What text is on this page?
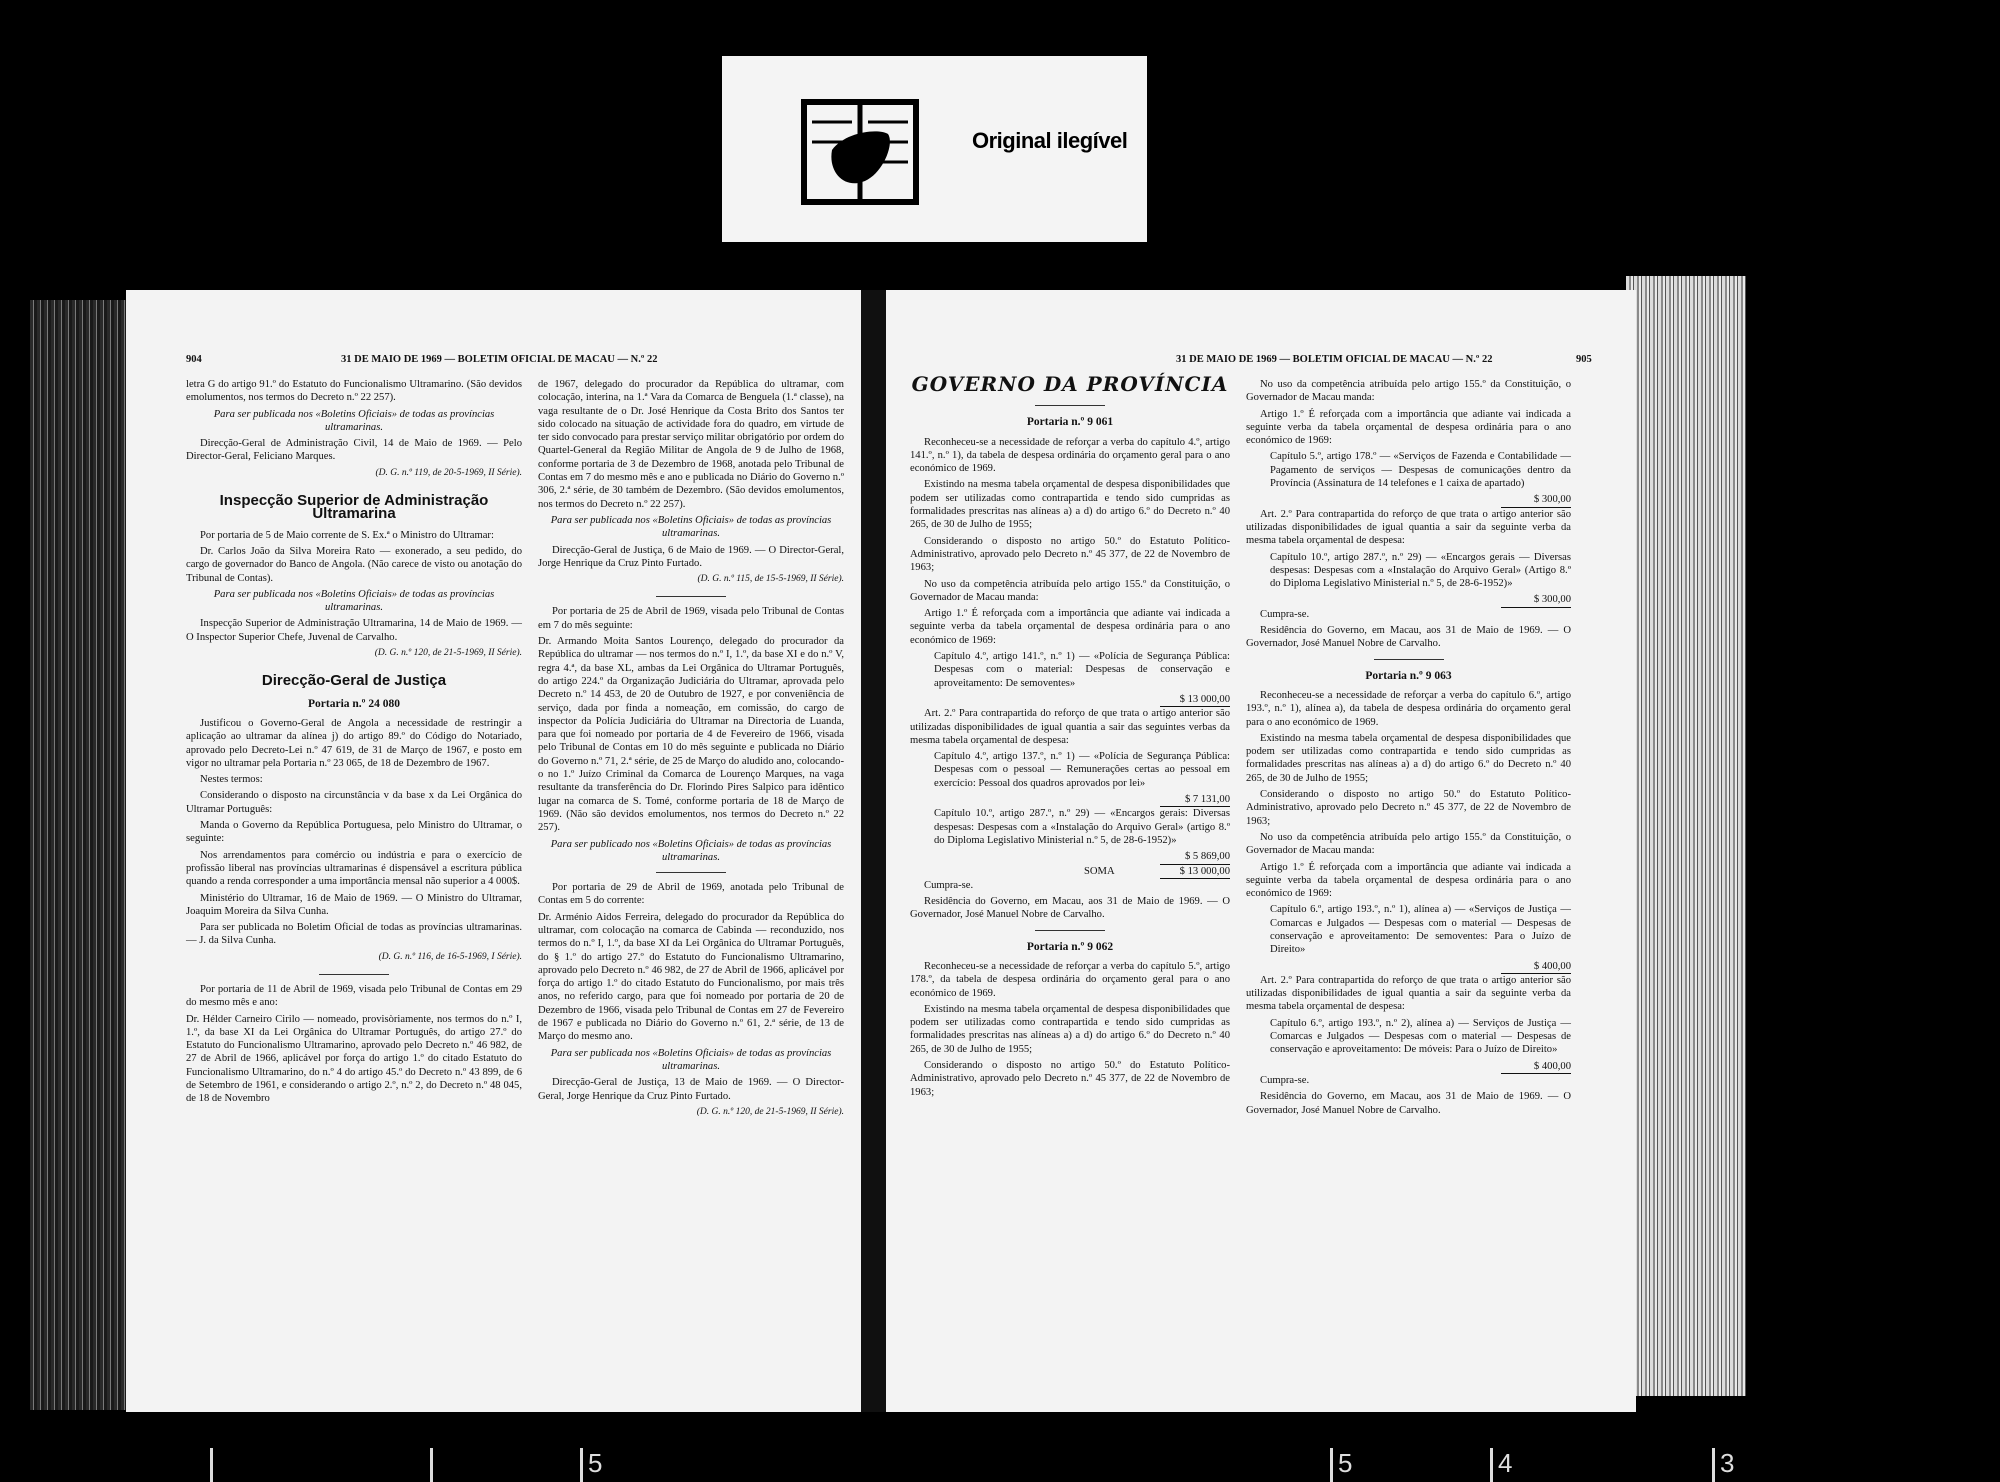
Original ilegível
904	31 DE MAIO DE 1969 — BOLETIM OFICIAL DE MACAU — N.º 22

letra G do artigo 91.º do Estatuto do Funcionalismo Ultramarino. (São devidos emolumentos, nos termos do Decreto n.º 22 257).

Para ser publicada nos «Boletins Oficiais» de todas as províncias ultramarinas.

Direcção-Geral de Administração Civil, 14 de Maio de 1969. — Pelo Director-Geral, Feliciano Marques.

(D. G. n.º 119, de 20-5-1969, II Série).

Inspecção Superior de Administração Ultramarina

Por portaria de 5 de Maio corrente de S. Ex.ª o Ministro do Ultramar:

Dr. Carlos João da Silva Moreira Rato — exonerado, a seu pedido, do cargo de governador do Banco de Angola. (Não carece de visto ou anotação do Tribunal de Contas).

Para ser publicada nos «Boletins Oficiais» de todas as províncias ultramarinas.

Inspecção Superior de Administração Ultramarina, 14 de Maio de 1969. — O Inspector Superior Chefe, Juvenal de Carvalho.

(D. G. n.º 120, de 21-5-1969, II Série).

Direcção-Geral de Justiça
Portaria n.º 24 080

Justificou o Governo-Geral de Angola a necessidade de restringir a aplicação ao ultramar da alínea j) do artigo 89.º do Código do Notariado, aprovado pelo Decreto-Lei n.º 47 619, de 31 de Março de 1967, e posto em vigor no ultramar pela Portaria n.º 23 065, de 18 de Dezembro de 1967.

Nestes termos:

Considerando o disposto na circunstância v da base x da Lei Orgânica do Ultramar Português:

Manda o Governo da República Portuguesa, pelo Ministro do Ultramar, o seguinte:

Nos arrendamentos para comércio ou indústria e para o exercício de profissão liberal nas províncias ultramarinas é dispensável a escritura pública quando a renda corresponder a uma importância mensal não superior a 4 000$.

Ministério do Ultramar, 16 de Maio de 1969. — O Ministro do Ultramar, Joaquim Moreira da Silva Cunha.

Para ser publicada no Boletim Oficial de todas as províncias ultramarinas. — J. da Silva Cunha.

(D. G. n.º 116, de 16-5-1969, I Série).

Por portaria de 11 de Abril de 1969, visada pelo Tribunal de Contas em 29 do mesmo mês e ano:

Dr. Hélder Carneiro Cirilo — nomeado, provisòriamente, nos termos do n.º I, 1.º, da base XI da Lei Orgânica do Ultramar Português, do artigo 27.º do Estatuto do Funcionalismo Ultramarino, aprovado pelo Decreto n.º 46 982, de 27 de Abril de 1966, aplicável por força do artigo 1.º do citado Estatuto do Funcionalismo Ultramarino, do n.º 4 do artigo 45.º do Decreto n.º 43 899, de 6 de Setembro de 1961, e considerando o artigo 2.º, n.º 2, do Decreto n.º 48 045, de 18 de Novembro

de 1967, delegado do procurador da República do ultramar, com colocação, interina, na 1.ª Vara da Comarca de Benguela (1.ª classe), na vaga resultante de o Dr. José Henrique da Costa Brito dos Santos ter sido colocado na situação de actividade fora do quadro, em virtude de ter sido convocado para prestar serviço militar obrigatório por ordem do Quartel-General da Região Militar de Angola de 9 de Julho de 1968, conforme portaria de 3 de Dezembro de 1968, anotada pelo Tribunal de Contas em 7 do mesmo mês e ano e publicada no Diário do Governo n.º 306, 2.ª série, de 30 também de Dezembro. (São devidos emolumentos, nos termos do Decreto n.º 22 257).

Para ser publicada nos «Boletins Oficiais» de todas as províncias ultramarinas.

Direcção-Geral de Justiça, 6 de Maio de 1969. — O Director-Geral, Jorge Henrique da Cruz Pinto Furtado.

(D. G. n.º 115, de 15-5-1969, II Série).

Por portaria de 25 de Abril de 1969, visada pelo Tribunal de Contas em 7 do mês seguinte:

Dr. Armando Moita Santos Lourenço, delegado do procurador da República do ultramar — nos termos do n.º I, 1.º, da base XI e do n.º V, regra 4.ª, da base XL, ambas da Lei Orgânica do Ultramar Português, do artigo 224.º da Organização Judiciária do Ultramar, aprovada pelo Decreto n.º 14 453, de 20 de Outubro de 1927, e por conveniência de serviço, dada por finda a nomeação, em comissão, do cargo de inspector da Polícia Judiciária do Ultramar na Directoria de Luanda, para que foi nomeado por portaria de 4 de Fevereiro de 1966, visada pelo Tribunal de Contas em 10 do mês seguinte e publicada no Diário do Governo n.º 71, 2.ª série, de 25 de Março do aludido ano, colocando-o no 1.º Juízo Criminal da Comarca de Lourenço Marques, na vaga resultante da transferência do Dr. Florindo Pires Salpico para idêntico lugar na comarca de S. Tomé, conforme portaria de 18 de Março de 1969. (Não são devidos emolumentos, nos termos do Decreto n.º 22 257).

Para ser publicado nos «Boletins Oficiais» de todas as províncias ultramarinas.

Por portaria de 29 de Abril de 1969, anotada pelo Tribunal de Contas em 5 do corrente:

Dr. Arménio Aidos Ferreira, delegado do procurador da República do ultramar, com colocação na comarca de Cabinda — reconduzido, nos termos do n.º I, 1.º, da base XI da Lei Orgânica do Ultramar Português, do § 1.º do artigo 27.º do Estatuto do Funcionalismo Ultramarino, aprovado pelo Decreto n.º 46 982, de 27 de Abril de 1966, aplicável por força do artigo 1.º do citado Estatuto do Funcionalismo, por mais três anos, no referido cargo, para que foi nomeado por portaria de 20 de Dezembro de 1966, visada pelo Tribunal de Contas em 27 de Fevereiro de 1967 e publicada no Diário do Governo n.º 61, 2.ª série, de 13 de Março do mesmo ano.

Para ser publicada nos «Boletins Oficiais» de todas as províncias ultramarinas.

Direcção-Geral de Justiça, 13 de Maio de 1969. — O Director-Geral, Jorge Henrique da Cruz Pinto Furtado.

(D. G. n.º 120, de 21-5-1969, II Série).

31 DE MAIO DE 1969 — BOLETIM OFICIAL DE MACAU — N.º 22	905
GOVERNO DA PROVÍNCIA
Portaria n.º 9 061

Reconheceu-se a necessidade de reforçar a verba do capítulo 4.º, artigo 141.º, n.º 1), da tabela de despesa ordinária do orçamento geral para o ano económico de 1969.

Existindo na mesma tabela orçamental de despesa disponibilidades que podem ser utilizadas como contrapartida e tendo sido cumpridas as formalidades prescritas nas alíneas a) a d) do artigo 6.º do Decreto n.º 40 265, de 30 de Julho de 1955;

Considerando o disposto no artigo 50.º do Estatuto Político-Administrativo, aprovado pelo Decreto n.º 45 377, de 22 de Novembro de 1963;

No uso da competência atribuída pelo artigo 155.º da Constituição, o Governador de Macau manda:

Artigo 1.º É reforçada com a importância que adiante vai indicada a seguinte verba da tabela orçamental de despesa ordinária para o ano económico de 1969:

Capítulo 4.º, artigo 141.º, n.º 1) — «Polícia de Segurança Pública: Despesas com o material: Despesas de conservação e aproveitamento: De semoventes»

$ 13 000,00

Art. 2.º Para contrapartida do reforço de que trata o artigo anterior são utilizadas disponibilidades de igual quantia a sair das seguintes verbas da mesma tabela orçamental de despesa:

Capítulo 4.º, artigo 137.º, n.º 1) — «Polícia de Segurança Pública: Despesas com o pessoal — Remunerações certas ao pessoal em exercício: Pessoal dos quadros aprovados por lei»

$ 7 131,00

Capítulo 10.º, artigo 287.º, n.º 29) — «Encargos gerais: Diversas despesas: Despesas com a «Instalação do Arquivo Geral» (artigo 8.º do Diploma Legislativo Ministerial n.º 5, de 28-6-1952)»

$ 5 869,00
SOMA	$ 13 000,00

Cumpra-se.

Residência do Governo, em Macau, aos 31 de Maio de 1969. — O Governador, José Manuel Nobre de Carvalho.

Portaria n.º 9 062

Reconheceu-se a necessidade de reforçar a verba do capítulo 5.º, artigo 178.º, da tabela de despesa ordinária do orçamento geral para o ano económico de 1969.

Existindo na mesma tabela orçamental de despesa disponibilidades que podem ser utilizadas como contrapartida e tendo sido cumpridas as formalidades prescritas nas alíneas a) a d) do artigo 6.º do Decreto n.º 40 265, de 30 de Julho de 1955;

Considerando o disposto no artigo 50.º do Estatuto Político-Administrativo, aprovado pelo Decreto n.º 45 377, de 22 de Novembro de 1963;

No uso da competência atribuída pelo artigo 155.º da Constituição, o Governador de Macau manda:

Artigo 1.º É reforçada com a importância que adiante vai indicada a seguinte verba da tabela orçamental de despesa ordinária para o ano económico de 1969:

Capítulo 5.º, artigo 178.º — «Serviços de Fazenda e Contabilidade — Pagamento de serviços — Despesas de comunicações dentro da Província (Assinatura de 14 telefones e 1 caixa de apartado)

$ 300,00

Art. 2.º Para contrapartida do reforço de que trata o artigo anterior são utilizadas disponibilidades de igual quantia a sair da seguinte verba da mesma tabela orçamental de despesa:

Capítulo 10.º, artigo 287.º, n.º 29) — «Encargos gerais — Diversas despesas: Despesas com a «Instalação do Arquivo Geral» (Artigo 8.º do Diploma Legislativo Ministerial n.º 5, de 28-6-1952)»

$ 300,00

Cumpra-se.

Residência do Governo, em Macau, aos 31 de Maio de 1969. — O Governador, José Manuel Nobre de Carvalho.

Portaria n.º 9 063

Reconheceu-se a necessidade de reforçar a verba do capítulo 6.º, artigo 193.º, n.º 1), alínea a), da tabela de despesa ordinária do orçamento geral para o ano económico de 1969.

Existindo na mesma tabela orçamental de despesa disponibilidades que podem ser utilizadas como contrapartida e tendo sido cumpridas as formalidades prescritas nas alíneas a) a d) do artigo 6.º do Decreto n.º 40 265, de 30 de Julho de 1955;

Considerando o disposto no artigo 50.º do Estatuto Político-Administrativo, aprovado pelo Decreto n.º 45 377, de 22 de Novembro de 1963;

No uso da competência atribuída pelo artigo 155.º da Constituição, o Governador de Macau manda:

Artigo 1.º É reforçada com a importância que adiante vai indicada a seguinte verba da tabela orçamental de despesa ordinária para o ano económico de 1969:

Capítulo 6.º, artigo 193.º, n.º 1), alínea a) — «Serviços de Justiça — Comarcas e Julgados — Despesas com o material — Despesas de conservação e aproveitamento: De semoventes: Para o Juízo de Direito»

$ 400,00

Art. 2.º Para contrapartida do reforço de que trata o artigo anterior são utilizadas disponibilidades de igual quantia a sair da seguinte verba da mesma tabela orçamental de despesa:

Capítulo 6.º, artigo 193.º, n.º 2), alínea a) — Serviços de Justiça — Comarcas e Julgados — Despesas com o material — Despesas de conservação e aproveitamento: De móveis: Para o Juízo de Direito»

$ 400,00

Cumpra-se.

Residência do Governo, em Macau, aos 31 de Maio de 1969. — O Governador, José Manuel Nobre de Carvalho.

5	5	4	3
